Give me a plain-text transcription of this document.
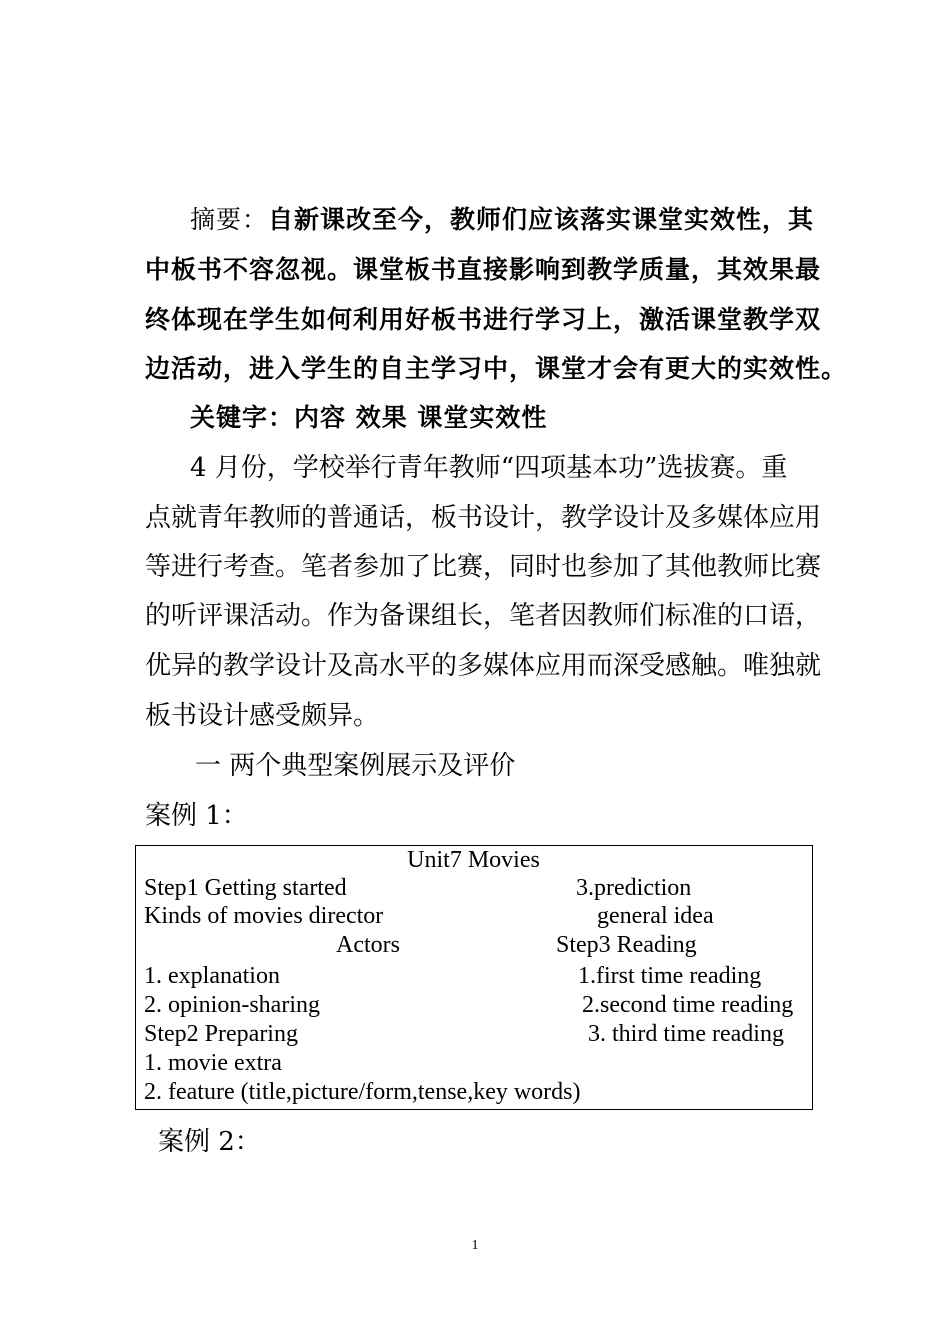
摘要：自新课改至今，教师们应该落实课堂实效性，其
中板书不容忽视。课堂板书直接影响到教学质量，其效果最
终体现在学生如何利用好板书进行学习上，激活课堂教学双
边活动，进入学生的自主学习中，课堂才会有更大的实效性。
关键字：内容 效果 课堂实效性
4 月份，学校举行青年教师“四项基本功”选拔赛。重
点就青年教师的普通话，板书设计，教学设计及多媒体应用
等进行考查。笔者参加了比赛，同时也参加了其他教师比赛
的听评课活动。作为备课组长，笔者因教师们标准的口语，
优异的教学设计及高水平的多媒体应用而深受感触。唯独就
板书设计感受颇异。
一 两个典型案例展示及评价
案例 1：
Unit7 Movies
Step1 Getting started
Kinds of movies director
Actors
1. explanation
2. opinion-sharing
Step2 Preparing
1. movie extra
2. feature (title,picture/form,tense,key words)
3.prediction
general idea
Step3 Reading
1.first time reading
2.second time reading
3. third time reading
案例 2：
1
